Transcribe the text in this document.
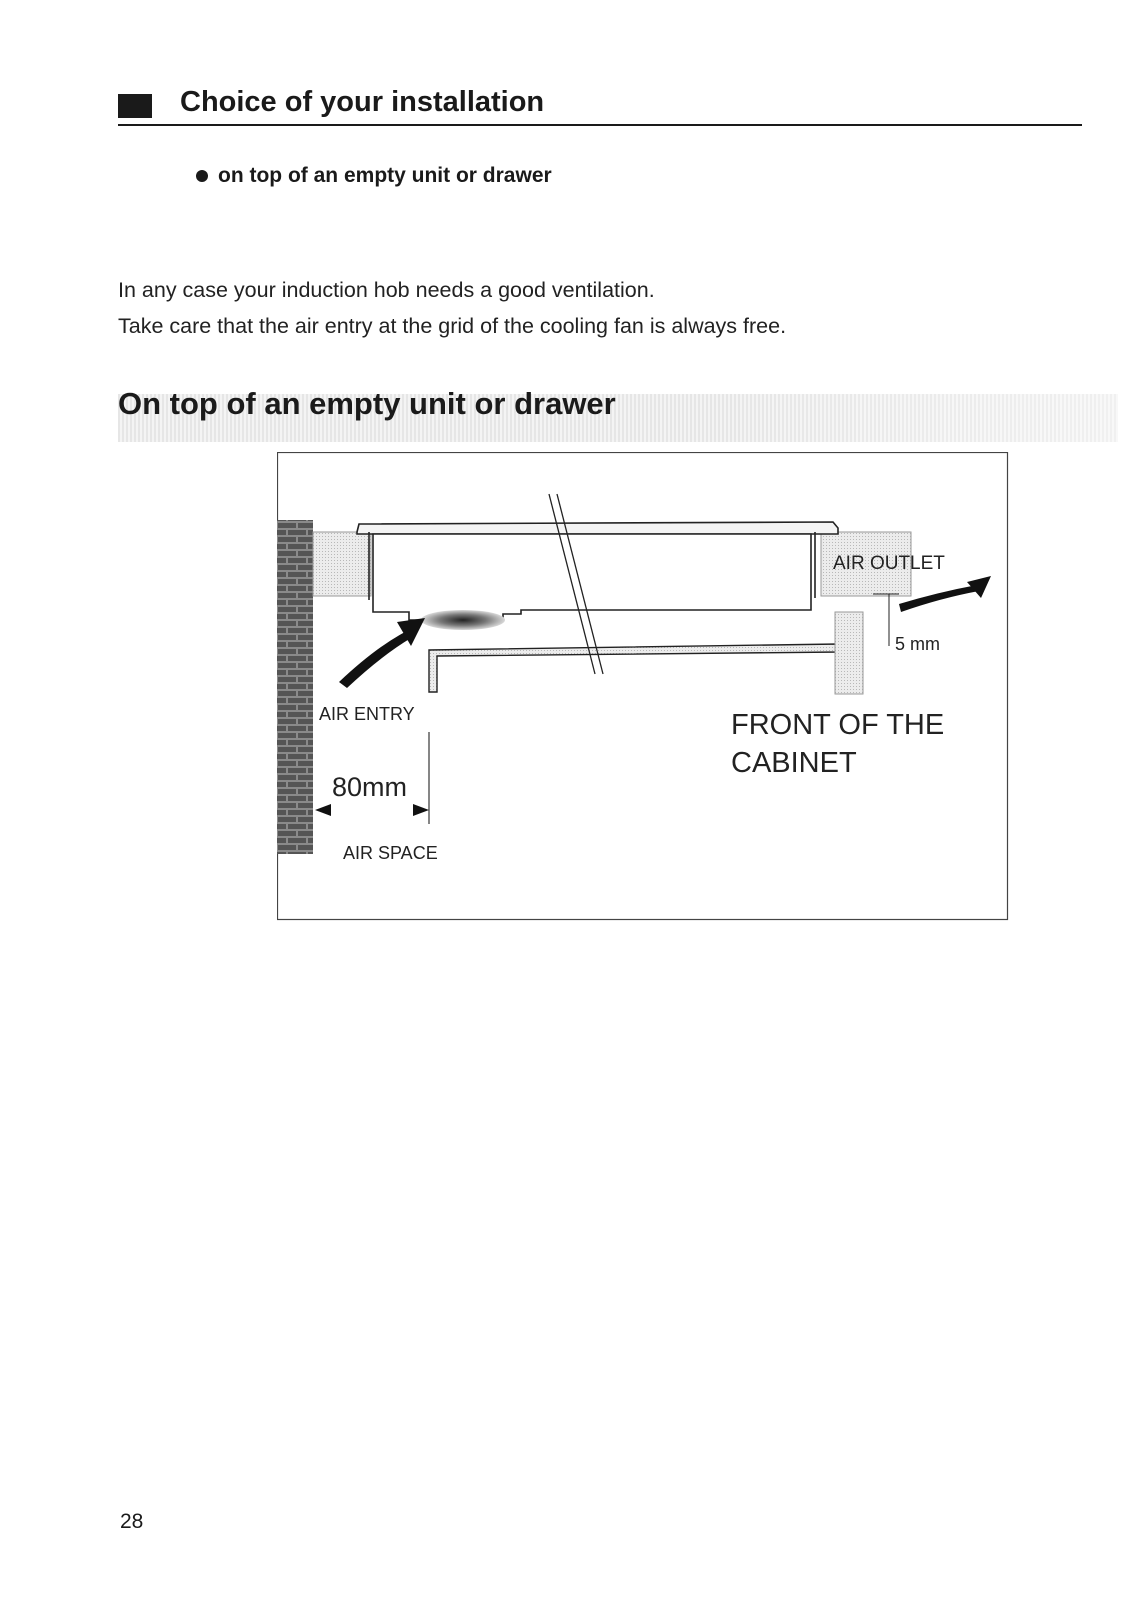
Choice of your installation
on top of an empty unit or drawer

In any case your induction hob needs a good ventilation.

Take care that the air entry at the grid of the cooling fan is always free.

On top of an empty unit or drawer
5 mm
AIR OUTLET
AIR ENTRY
80mm
AIR SPACE
FRONT OF THE
CABINET
28
